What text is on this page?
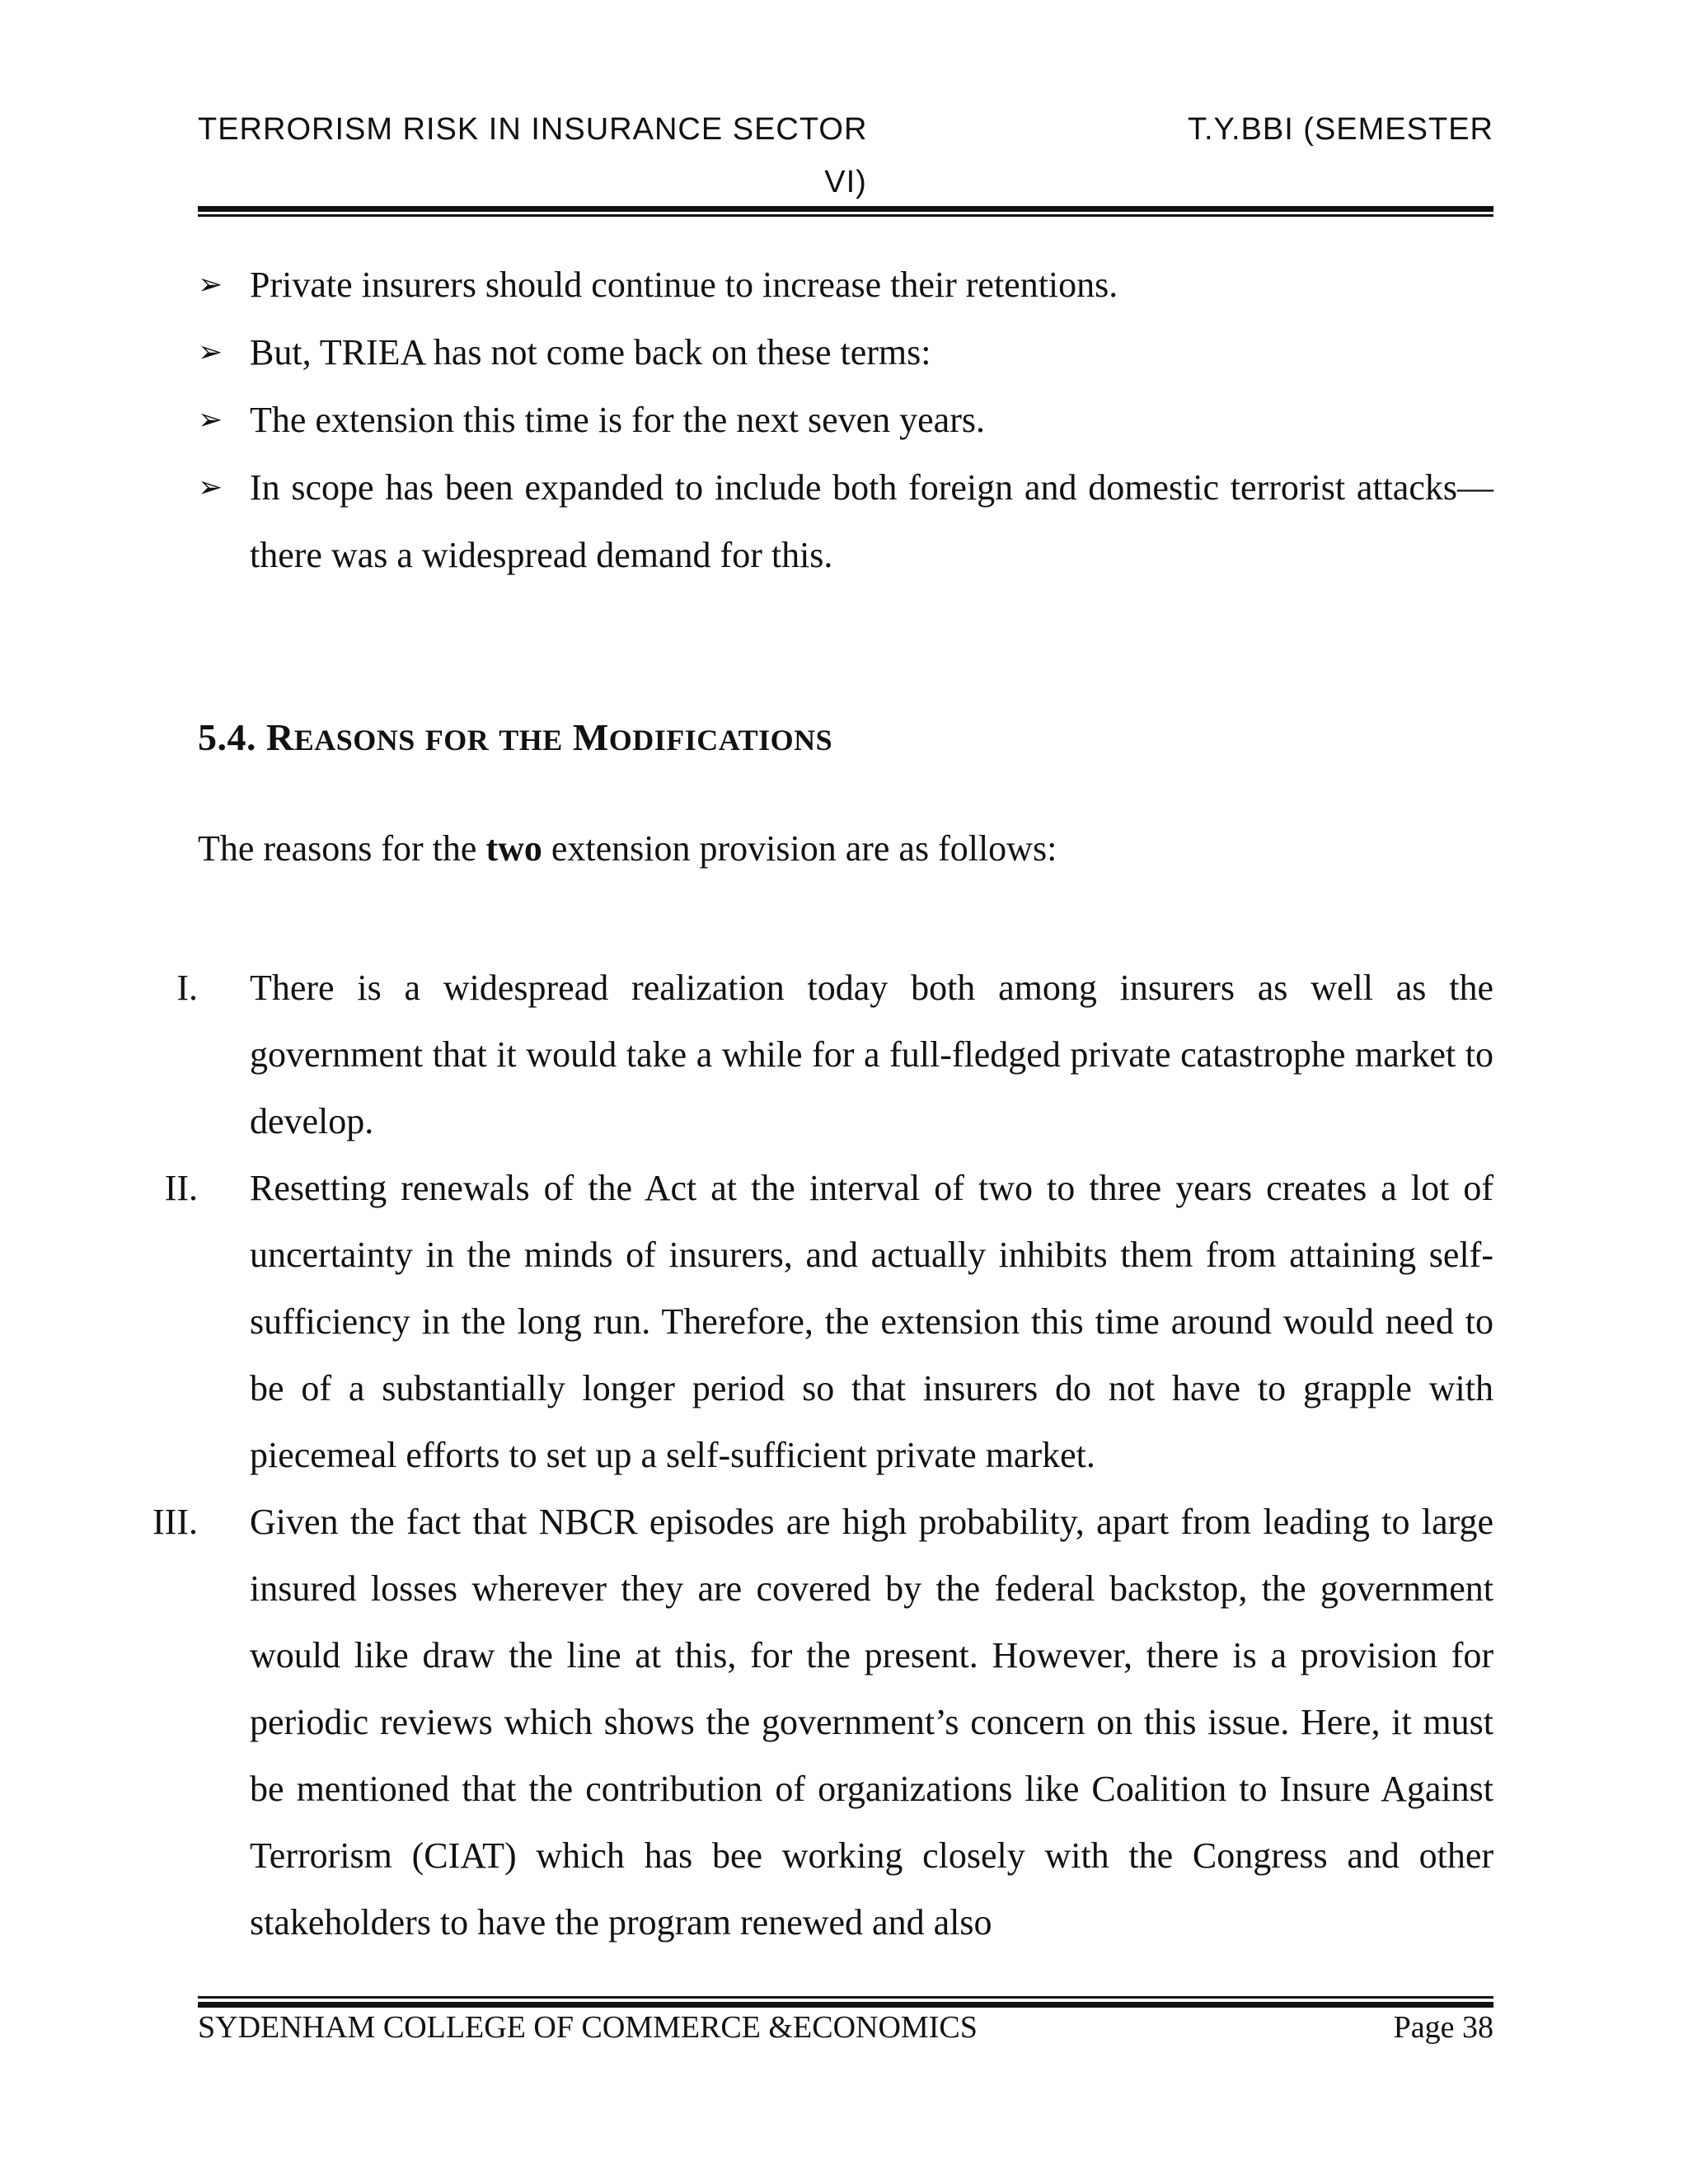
TERRORISM RISK IN INSURANCE SECTOR	T.Y.BBI (SEMESTER
VI)
➢ Private insurers should continue to increase their retentions.
➢ But, TRIEA has not come back on these terms:
➢ The extension this time is for the next seven years.
➢ In scope has been expanded to include both foreign and domestic terrorist attacks—there was a widespread demand for this.
5.4. REASONS FOR THE MODIFICATIONS
The reasons for the two extension provision are as follows:
I. There is a widespread realization today both among insurers as well as the government that it would take a while for a full-fledged private catastrophe market to develop.
II. Resetting renewals of the Act at the interval of two to three years creates a lot of uncertainty in the minds of insurers, and actually inhibits them from attaining self-sufficiency in the long run. Therefore, the extension this time around would need to be of a substantially longer period so that insurers do not have to grapple with piecemeal efforts to set up a self-sufficient private market.
III. Given the fact that NBCR episodes are high probability, apart from leading to large insured losses wherever they are covered by the federal backstop, the government would like draw the line at this, for the present. However, there is a provision for periodic reviews which shows the government’s concern on this issue. Here, it must be mentioned that the contribution of organizations like Coalition to Insure Against Terrorism (CIAT) which has bee working closely with the Congress and other stakeholders to have the program renewed and also
SYDENHAM COLLEGE OF COMMERCE &ECONOMICS	Page 38
